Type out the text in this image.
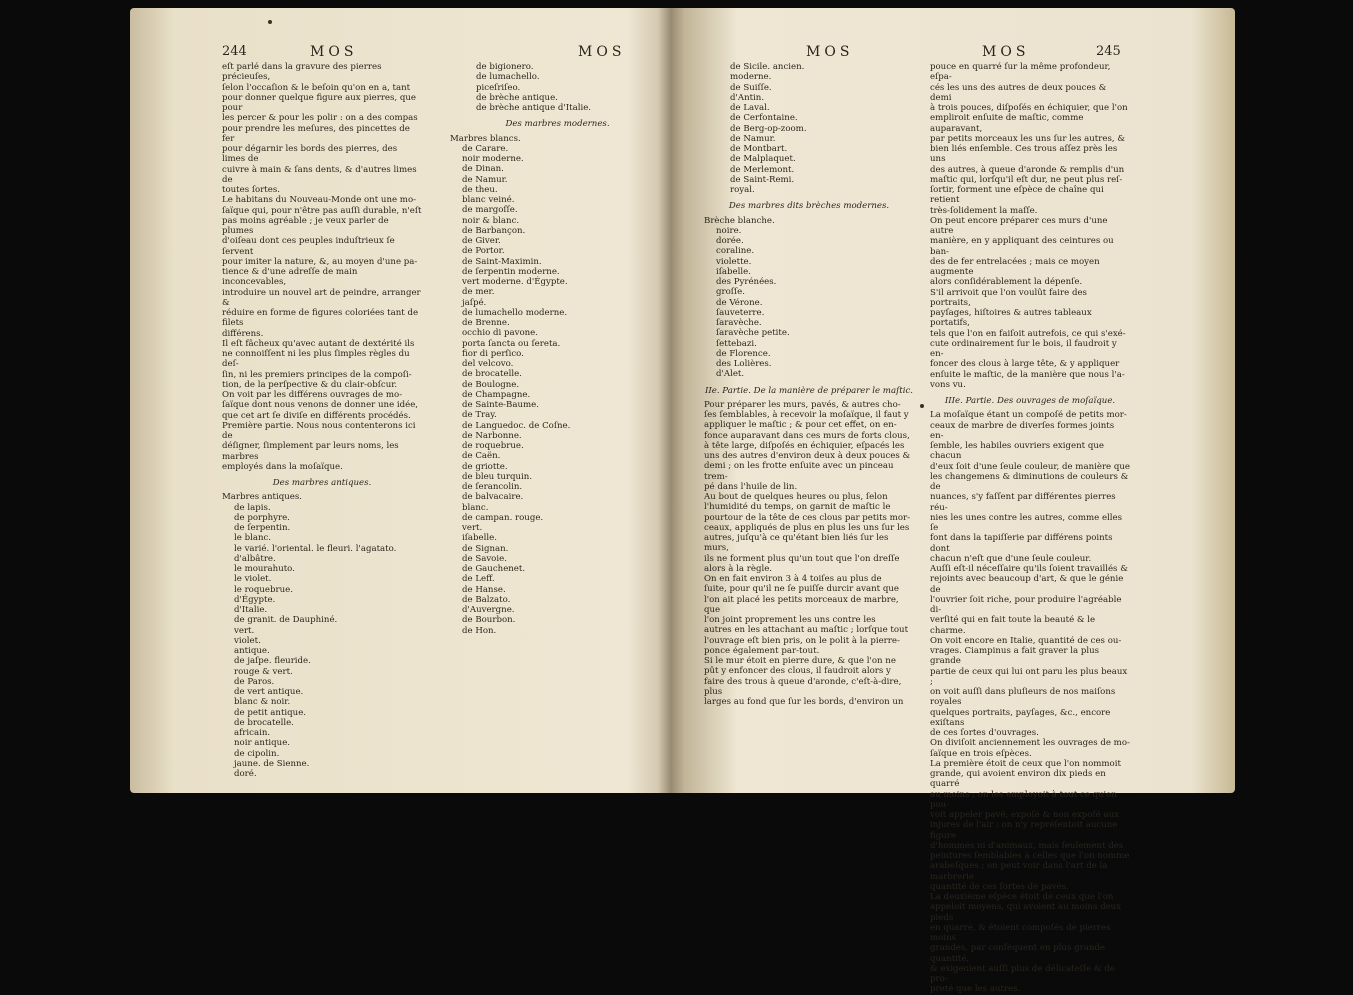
244	MOS	MOS

eſt parlé dans la gravure des pierres précieuſes,

ſelon l'occaſion & le beſoin qu'on en a, tant

pour donner quelque figure aux pierres, que pour

les percer & pour les polir : on a des compas

pour prendre les meſures, des pincettes de fer

pour dégarnir les bords des pierres, des limes de

cuivre à main & ſans dents, & d'autres limes de

toutes ſortes.

Le habitans du Nouveau-Monde ont une mo-

ſaïque qui, pour n'être pas auſſi durable, n'eſt

pas moins agréable ; je veux parler de plumes

d'oiſeau dont ces peuples induſtrieux ſe ſervent

pour imiter la nature, &, au moyen d'une pa-

tience & d'une adreſſe de main inconcevables,

introduire un nouvel art de peindre, arranger &

réduire en forme de figures coloriées tant de filets

différens.

Il eſt fâcheux qu'avec autant de dextérité ils

ne connoiſſent ni les plus ſimples règles du deſ-

ſin, ni les premiers principes de la compoſi-

tion, de la perſpective & du clair-obſcur.

On voit par les différens ouvrages de mo-

ſaïque dont nous venons de donner une idée,

que cet art ſe diviſe en différents procédés.

Première partie. Nous nous contenterons ici de

déſigner, ſimplement par leurs noms, les marbres

employés dans la moſaïque.

Des marbres antiques.

Marbres antiques.

de lapis.

de porphyre.

de ſerpentin.

le blanc.

le varié. l'oriental. le fleuri. l'agatato.

d'albâtre.

le mourahuto.

le violet.

le roquebrue.

d'Égypte.

d'Italie.

de granit. de Dauphiné.

vert.

violet.

antique.

de jaſpe. fleuride.

rouge & vert.

de Paros.

de vert antique.

blanc & noir.

de petit antique.

de brocatelle.

africain.

noir antique.

de cipolin.

jaune. de Sienne.

doré.

de bigionero.

de lumachello.

piceſriſeo.

de brèche antique.

de brèche antique d'Italie.

Des marbres modernes.

Marbres blancs.

de Carare.

noir moderne.

de Dinan.

de Namur.

de theu.

blanc veiné.

de margoſſe.

noir & blanc.

de Barbançon.

de Giver.

de Portor.

de Saint-Maximin.

de ſerpentin moderne.

vert moderne. d'Égypte.

de mer.

jaſpé.

de lumachello moderne.

de Brenne.

occhio di pavone.

porta ſancta ou ſereta.

fior di perſico.

del velcovo.

de brocatelle.

de Boulogne.

de Champagne.

de Sainte-Baume.

de Tray.

de Languedoc. de Coſne.

de Narbonne.

de roquebrue.

de Caën.

de griotte.

de bleu turquin.

de ſerancolin.

de balvacaire.

blanc.

de campan. rouge.

vert.

iſabelle.

de Signan.

de Savoie.

de Gauchenet.

de Leff.

de Hanse.

de Balzato.

d'Auvergne.

de Bourbon.

de Hon.

MOS	MOS	245

de Sicile. ancien.

moderne.

de Suiſſe.

d'Antin.

de Laval.

de Cerfontaine.

de Berg-op-zoom.

de Namur.

de Montbart.

de Malplaquet.

de Merlemont.

de Saint-Remi.

royal.

Des marbres dits brèches modernes.

Brèche blanche.

noire.

dorée.

coraline.

violette.

iſabelle.

des Pyrénées.

groſſe.

de Vérone.

ſauveterre.

ſaravèche.

ſaravèche petite.

ſettebazi.

de Florence.

des Lolières.

d'Alet.

IIe. Partie. De la manière de préparer le maſtic.

Pour préparer les murs, pavés, & autres cho-

ſes ſemblables, à recevoir la moſaïque, il faut y

appliquer le maſtic ; & pour cet effet, on en-

fonce auparavant dans ces murs de forts clous,

à tête large, diſpoſés en échiquier, eſpacés les

uns des autres d'environ deux à deux pouces &

demi ; on les frotte enſuite avec un pinceau trem-

pé dans l'huile de lin.

Au bout de quelques heures ou plus, ſelon

l'humidité du temps, on garnit de maſtic le

pourtour de la tête de ces clous par petits mor-

ceaux, appliqués de plus en plus les uns ſur les

autres, juſqu'à ce qu'étant bien liés ſur les murs,

ils ne forment plus qu'un tout que l'on dreſſe

alors à la règle.

On en fait environ 3 à 4 toiſes au plus de

ſuite, pour qu'il ne ſe puiſſe durcir avant que

l'on ait placé les petits morceaux de marbre, que

l'on joint proprement les uns contre les

autres en les attachant au maſtic ; lorſque tout

l'ouvrage eſt bien pris, on le polit à la pierre-

ponce également par-tout.

Si le mur étoit en pierre dure, & que l'on ne

pût y enfoncer des clous, il faudroit alors y

faire des trous à queue d'aronde, c'eſt-à-dire, plus

larges au fond que ſur les bords, d'environ un

pouce en quarré ſur la même profondeur, eſpa-

cés les uns des autres de deux pouces & demi

à trois pouces, diſpoſés en échiquier, que l'on

empliroit enſuite de maſtic, comme auparavant,

par petits morceaux les uns ſur les autres, &

bien liés enſemble. Ces trous aſſez près les uns

des autres, à queue d'aronde & remplis d'un

maſtic qui, lorſqu'il eſt dur, ne peut plus reſ-

ſortir, forment une eſpèce de chaîne qui retient

très-ſolidement la maſſe.

On peut encore préparer ces murs d'une autre

manière, en y appliquant des ceintures ou ban-

des de fer entrelacées ; mais ce moyen augmente

alors conſidérablement la dépenſe.

S'il arrivoit que l'on voulût faire des portraits,

payſages, hiſtoires & autres tableaux portatifs,

tels que l'on en faiſoit autrefois, ce qui s'exé-

cute ordinairement ſur le bois, il faudroit y en-

foncer des clous à large tête, & y appliquer

enſuite le maſtic, de la manière que nous l'a-

vons vu.

IIIe. Partie. Des ouvrages de moſaïque.

La moſaïque étant un compoſé de petits mor-

ceaux de marbre de diverſes formes joints en-

ſemble, les habiles ouvriers exigent que chacun

d'eux ſoit d'une ſeule couleur, de manière que

les changemens & diminutions de couleurs & de

nuances, s'y faſſent par différentes pierres réu-

nies les unes contre les autres, comme elles ſe

font dans la tapiſſerie par différens points dont

chacun n'eſt que d'une ſeule couleur.

Auſſi eſt-il néceſſaire qu'ils ſoient travaillés &

rejoints avec beaucoup d'art, & que le génie de

l'ouvrier ſoit riche, pour produire l'agréable di-

verſité qui en fait toute la beauté & le charme.

On voit encore en Italie, quantité de ces ou-

vrages. Ciampinus a fait graver la plus grande

partie de ceux qui lui ont paru les plus beaux ;

on voit auſſi dans pluſieurs de nos maiſons royales

quelques portraits, payſages, &c., encore exiſtans

de ces ſortes d'ouvrages.

On diviſoit anciennement les ouvrages de mo-

ſaïque en trois eſpèces.

La première étoit de ceux que l'on nommoit

grande, qui avoient environ dix pieds en quarré

au moins ; on les employoit à tout ce qu'on pou-

voit appeler pavé, expoſé & non expoſé aux

injures de l'air ; on n'y repréſentoit aucune figure

d'hommes ni d'animaux, mais ſeulement des

peintures ſemblables à celles que l'on nomme

arabeſques ; on peut voir dans l'art de la marbrerie

quantité de ces ſortes de pavés.

La deuxième eſpèce étoit de ceux que l'on

appeloit moyens, qui avoient au moins deux pieds

en quarré, & étoient compoſés de pierres moins

grandes, par conſéquent en plus grande quantité,

& exigeoient auſſi plus de délicateſſe & de pro-

preté que les autres.
